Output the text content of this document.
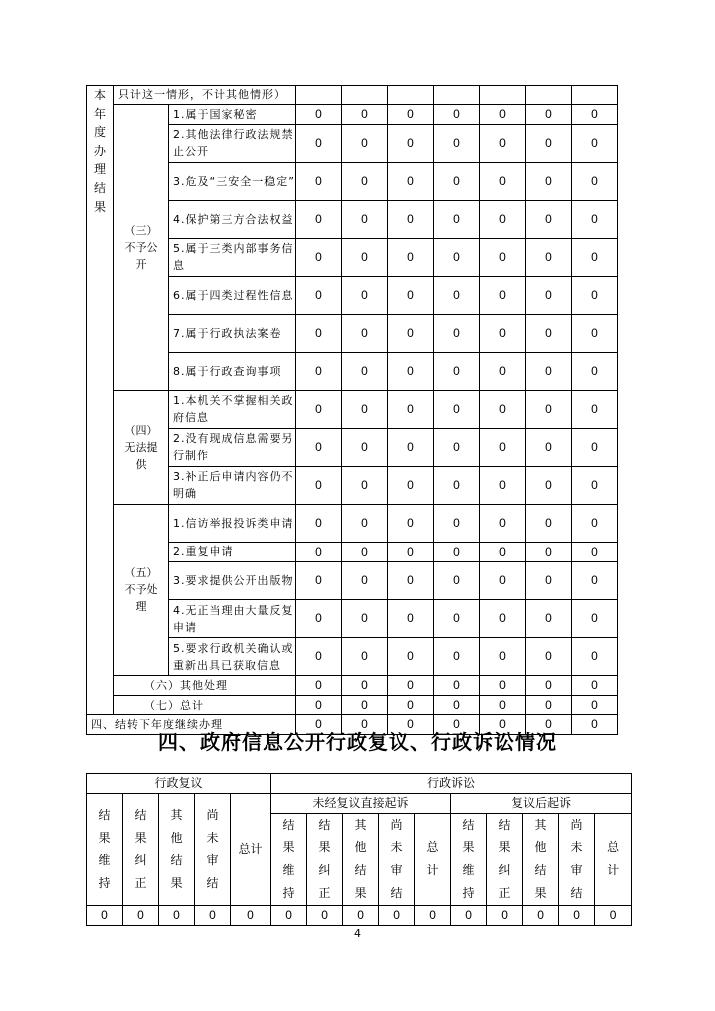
本年度办理结果	只计这一情形，不计其他情形）								
	（三）不予公开	1.属于国家秘密	0	0	0	0	0	0	0
		2.其他法律行政法规禁止公开	0	0	0	0	0	0	0
		3.危及“三安全一稳定”	0	0	0	0	0	0	0
		4.保护第三方合法权益	0	0	0	0	0	0	0
		5.属于三类内部事务信息	0	0	0	0	0	0	0
		6.属于四类过程性信息	0	0	0	0	0	0	0
		7.属于行政执法案卷	0	0	0	0	0	0	0
		8.属于行政查询事项	0	0	0	0	0	0	0
	（四）无法提供	1.本机关不掌握相关政府信息	0	0	0	0	0	0	0
		2.没有现成信息需要另行制作	0	0	0	0	0	0	0
		3.补正后申请内容仍不明确	0	0	0	0	0	0	0
	（五）不予处理	1.信访举报投诉类申请	0	0	0	0	0	0	0
		2.重复申请	0	0	0	0	0	0	0
		3.要求提供公开出版物	0	0	0	0	0	0	0
		4.无正当理由大量反复申请	0	0	0	0	0	0	0
		5.要求行政机关确认或重新出具已获取信息	0	0	0	0	0	0	0
	（六）其他处理		0	0	0	0	0	0	0
	（七）总计		0	0	0	0	0	0	0
四、结转下年度继续办理			0	0	0	0	0	0	0
四、政府信息公开行政复议、行政诉讼情况
行政复议					行政诉讼									
结果维持	结果纠正	其他结果	尚未审结	总计	未经复议直接起诉					复议后起诉				
					结果维持	结果纠正	其他结果	尚未审结	总计	结果维持	结果纠正	其他结果	尚未审结	总计
0	0	0	0	0	0	0	0	0	0	0	0	0	0	0
4
